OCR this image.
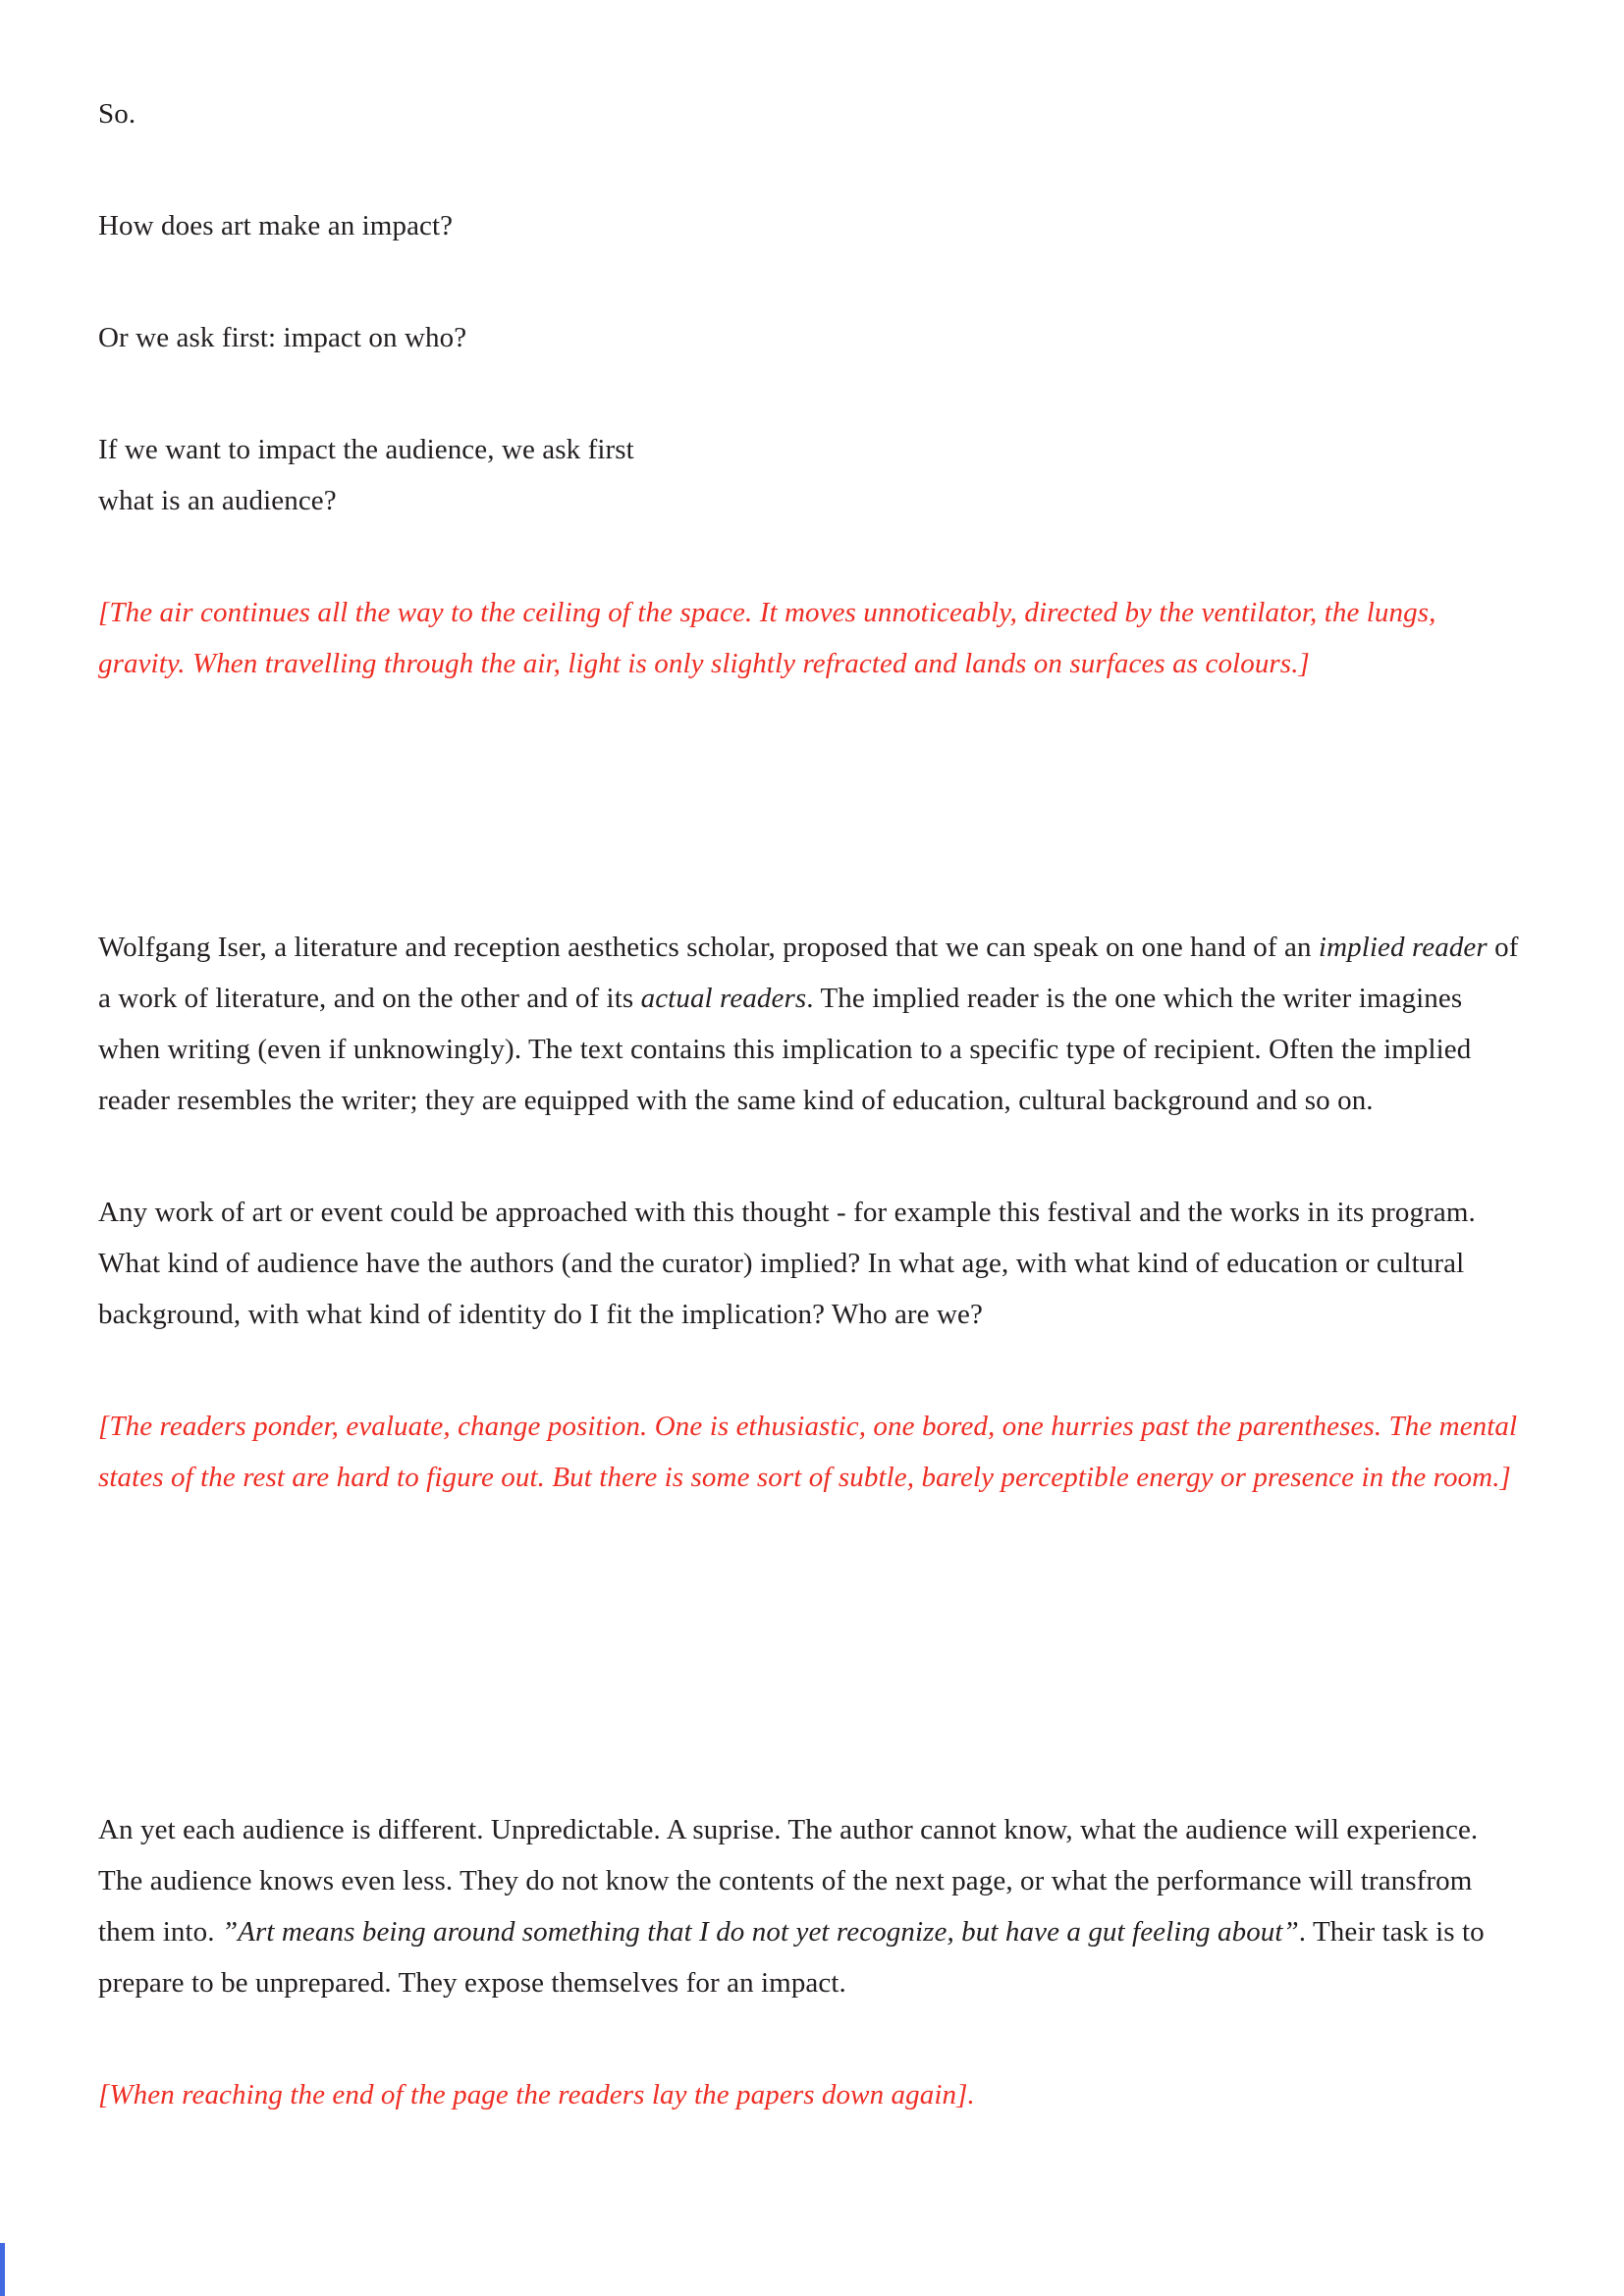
So.

How does art make an impact?

Or we ask first: impact on who?

If we want to impact the audience, we ask first
what is an audience?

[The air continues all the way to the ceiling of the space. It moves unnoticeably, directed by the ventilator, the lungs, gravity. When travelling through the air, light is only slightly refracted and lands on surfaces as colours.]

Wolfgang Iser, a literature and reception aesthetics scholar, proposed that we can speak on one hand of an implied reader of a work of literature, and on the other and of its actual readers. The implied reader is the one which the writer imagines when writing (even if unknowingly). The text contains this implication to a specific type of recipient. Often the implied reader resembles the writer; they are equipped with the same kind of education, cultural background and so on.

Any work of art or event could be approached with this thought - for example this festival and the works in its program. What kind of audience have the authors (and the curator) implied? In what age, with what kind of education or cultural background, with what kind of identity do I fit the implication? Who are we?

[The readers ponder, evaluate, change position. One is ethusiastic, one bored, one hurries past the parentheses. The mental states of the rest are hard to figure out. But there is some sort of subtle, barely perceptible energy or presence in the room.]

An yet each audience is different. Unpredictable. A suprise. The author cannot know, what the audience will experience. The audience knows even less. They do not know the contents of the next page, or what the performance will transfrom them into. ”Art means being around something that I do not yet recognize, but have a gut feeling about”. Their task is to prepare to be unprepared. They expose themselves for an impact.

[When reaching the end of the page the readers lay the papers down again].
